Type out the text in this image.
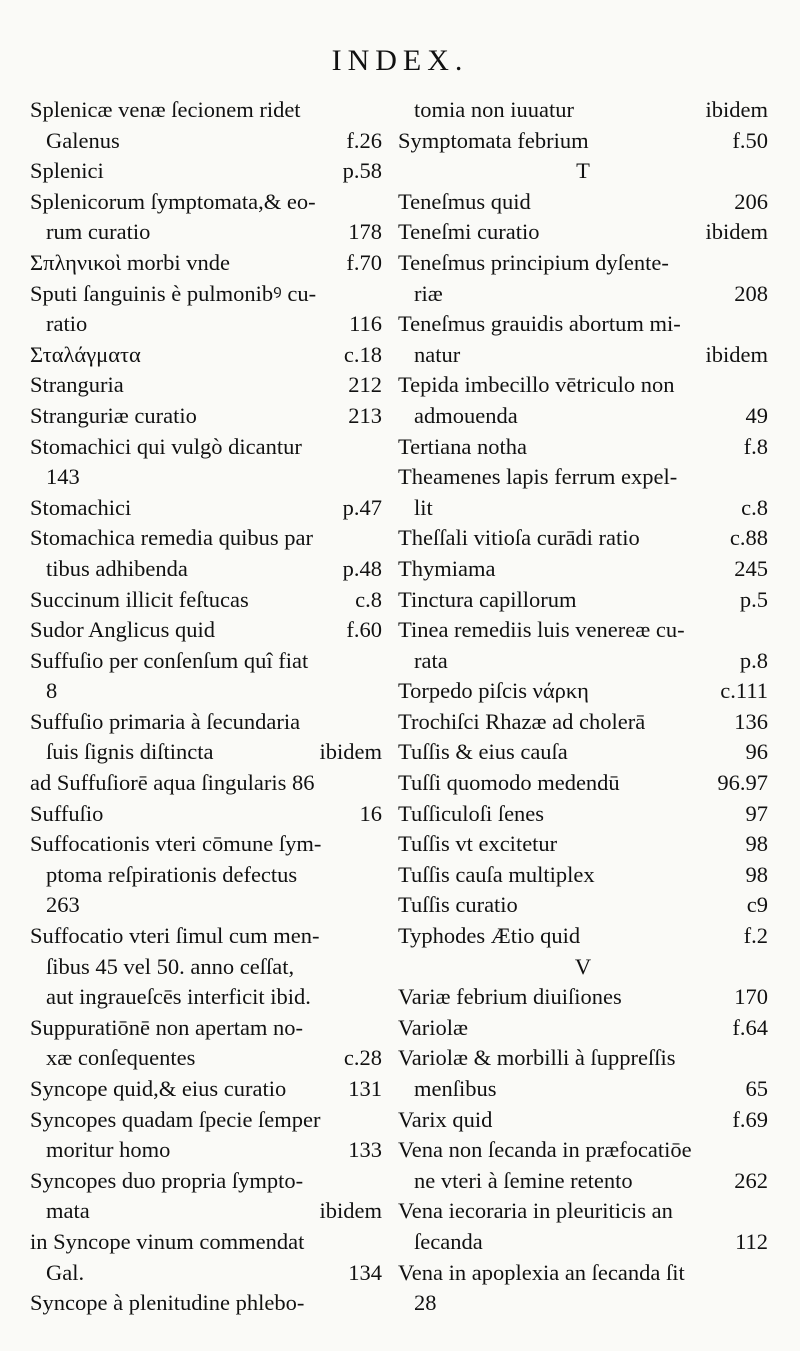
INDEX.
Splenicæ venæ ſecionem ridet
Galenus	f.26
Splenici	p.58
Splenicorum ſymptomata,& eo-
rum curatio	178
Σπληνικοὶ morbi vnde	f.70
Sputi ſanguinis è pulmonibꝰ cu-
ratio	116
Σταλάγματα	c.18
Stranguria	212
Stranguriæ curatio	213
Stomachici qui vulgò dicantur
143
Stomachici	p.47
Stomachica remedia quibus par
tibus adhibenda	p.48
Succinum illicit feſtucas	c.8
Sudor Anglicus quid	f.60
Suffuſio per conſenſum quî fiat
8
Suffuſio primaria à ſecundaria
ſuis ſignis diſtincta	ibidem
ad Suffuſiorē aqua ſingularis 86
Suffuſio	16
Suffocationis vteri cōmune ſym-
ptoma reſpirationis defectus
263
Suffocatio vteri ſimul cum men-
ſibus 45 vel 50. anno ceſſat,
aut ingraueſcēs interficit ibid.
Suppuratiōnē non apertam no-
xæ conſequentes	c.28
Syncope quid,& eius curatio	131
Syncopes quadam ſpecie ſemper
moritur homo	133
Syncopes duo propria ſympto-
mata	ibidem
in Syncope vinum commendat
Gal.	134
Syncope à plenitudine phlebo-
tomia non iuuatur	ibidem
Symptomata febrium	f.50
T
Teneſmus quid	206
Teneſmi curatio	ibidem
Teneſmus principium dyſente-
riæ	208
Teneſmus grauidis abortum mi-
natur	ibidem
Tepida imbecillo vētriculo non
admouenda	49
Tertiana notha	f.8
Theamenes lapis ferrum expel-
lit	c.8
Theſſali vitioſa curādi ratio	c.88
Thymiama	245
Tinctura capillorum	p.5
Tinea remediis luis venereæ cu-
rata	p.8
Torpedo piſcis νάρκη	c.111
Trochiſci Rhazæ ad cholerā	136
Tuſſis & eius cauſa	96
Tuſſi quomodo medendū	96.97
Tuſſiculoſi ſenes	97
Tuſſis vt excitetur	98
Tuſſis cauſa multiplex	98
Tuſſis curatio	c9
Typhodes Ætio quid	f.2
V
Variæ febrium diuiſiones	170
Variolæ	f.64
Variolæ & morbilli à ſuppreſſis
menſibus	65
Varix quid	f.69
Vena non ſecanda in præfocatiōe
ne vteri à ſemine retento	262
Vena iecoraria in pleuriticis an
ſecanda	112
Vena in apoplexia an ſecanda ſit
28
